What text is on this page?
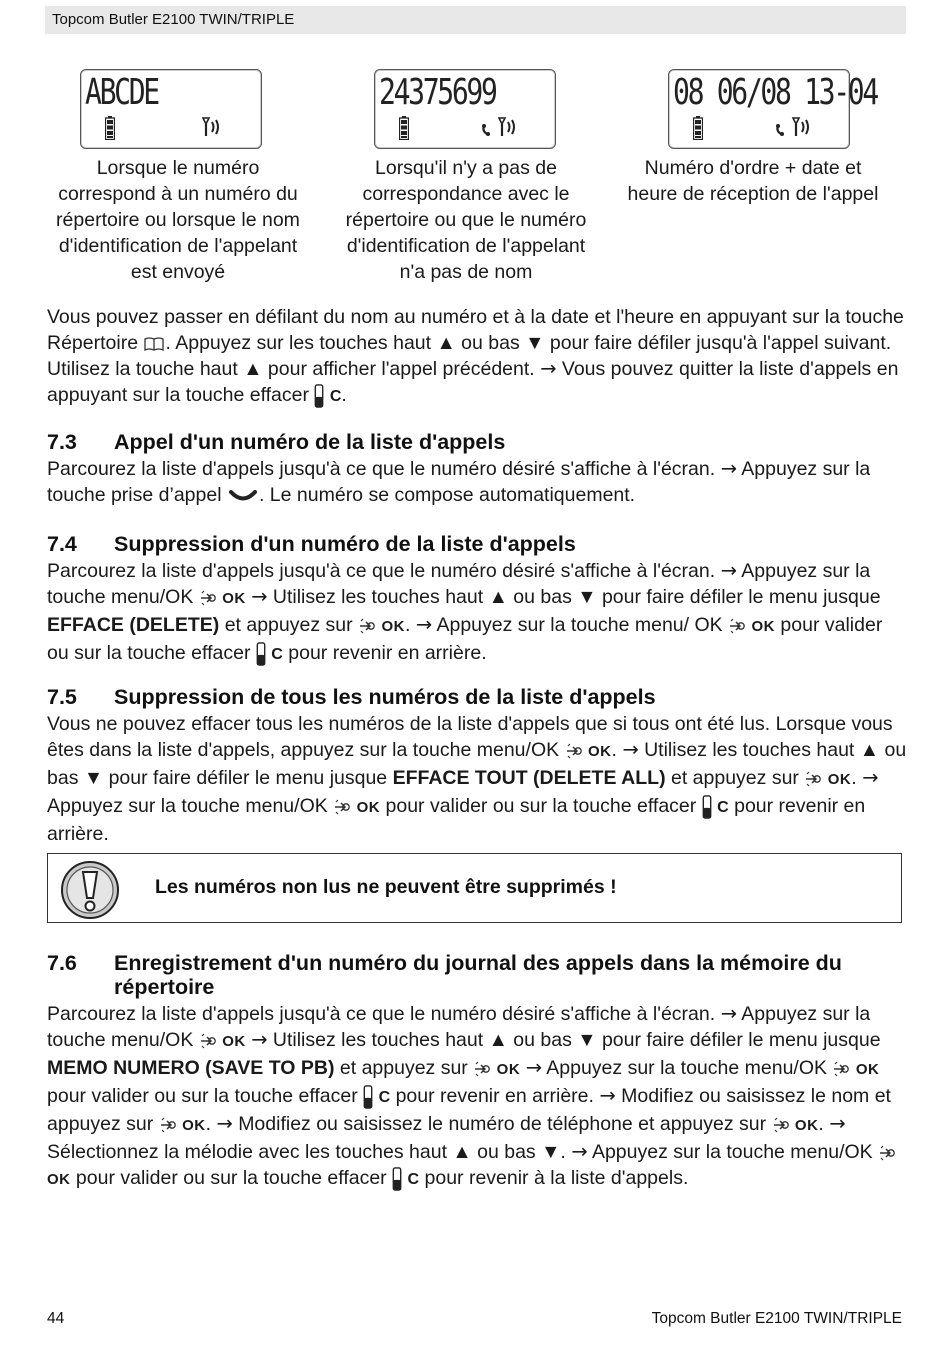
Topcom Butler E2100 TWIN/TRIPLE
ABCDE	24375699	08 06/08 13-04
Lorsque le numéro correspond à un numéro du répertoire ou lorsque le nom d'identification de l'appelant est envoyé
Lorsqu'il n'y a pas de correspondance avec le répertoire ou que le numéro d'identification de l'appelant n'a pas de nom
Numéro d'ordre + date et heure de réception de l'appel
Vous pouvez passer en défilant du nom au numéro et à la date et l'heure en appuyant sur la touche Répertoire . Appuyez sur les touches haut ▲ ou bas ▼ pour faire défiler jusqu'à l'appel suivant. Utilisez la touche haut ▲ pour afficher l'appel précédent. → Vous pouvez quitter la liste d'appels en appuyant sur la touche effacer C.
7.3 Appel d'un numéro de la liste d'appels
Parcourez la liste d'appels jusqu'à ce que le numéro désiré s'affiche à l'écran. → Appuyez sur la touche prise d’appel . Le numéro se compose automatiquement.
7.4 Suppression d'un numéro de la liste d'appels
Parcourez la liste d'appels jusqu'à ce que le numéro désiré s'affiche à l'écran. → Appuyez sur la touche menu/OK OK → Utilisez les touches haut ▲ ou bas ▼ pour faire défiler le menu jusque EFFACE (DELETE) et appuyez sur OK. → Appuyez sur la touche menu/ OK OK pour valider ou sur la touche effacer C pour revenir en arrière.
7.5 Suppression de tous les numéros de la liste d'appels
Vous ne pouvez effacer tous les numéros de la liste d'appels que si tous ont été lus. Lorsque vous êtes dans la liste d'appels, appuyez sur la touche menu/OK OK. → Utilisez les touches haut ▲ ou bas ▼ pour faire défiler le menu jusque EFFACE TOUT (DELETE ALL) et appuyez sur OK. → Appuyez sur la touche menu/OK OK pour valider ou sur la touche effacer C pour revenir en arrière.
Les numéros non lus ne peuvent être supprimés !
7.6 Enregistrement d'un numéro du journal des appels dans la mémoire du répertoire
Parcourez la liste d'appels jusqu'à ce que le numéro désiré s'affiche à l'écran. → Appuyez sur la touche menu/OK OK → Utilisez les touches haut ▲ ou bas ▼ pour faire défiler le menu jusque MEMO NUMERO (SAVE TO PB) et appuyez sur OK → Appuyez sur la touche menu/OK OK pour valider ou sur la touche effacer C pour revenir en arrière. → Modifiez ou saisissez le nom et appuyez sur OK. → Modifiez ou saisissez le numéro de téléphone et appuyez sur OK. → Sélectionnez la mélodie avec les touches haut ▲ ou bas ▼. → Appuyez sur la touche menu/OK  OK pour valider ou sur la touche effacer C pour revenir à la liste d'appels.
44	Topcom Butler E2100 TWIN/TRIPLE
